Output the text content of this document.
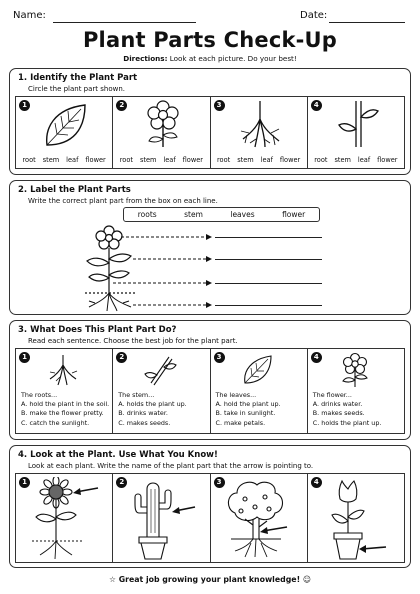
Name:	Date:
Plant Parts Check-Up
Directions: Look at each picture. Do your best!
1. Identify the Plant Part
Circle the plant part shown.
1
root stem leaf flower
2
root stem leaf flower
3
root stem leaf flower
4
root stem leaf flower
2. Label the Plant Parts
Write the correct plant part from the box on each line.
roots	stem	leaves	flower
3. What Does This Plant Part Do?
Read each sentence. Choose the best job for the plant part.
1
The roots...
A. hold the plant in the soil.
B. make the flower pretty.
C. catch the sunlight.
2
The stem...
A. holds the plant up.
B. drinks water.
C. makes seeds.
3
The leaves...
A. hold the plant up.
B. take in sunlight.
C. make petals.
4
The flower...
A. drinks water.
B. makes seeds.
C. holds the plant up.
4. Look at the Plant. Use What You Know!
Look at each plant. Write the name of the plant part that the arrow is pointing to.
1	2	3	4
☆ Great job growing your plant knowledge! ☺
